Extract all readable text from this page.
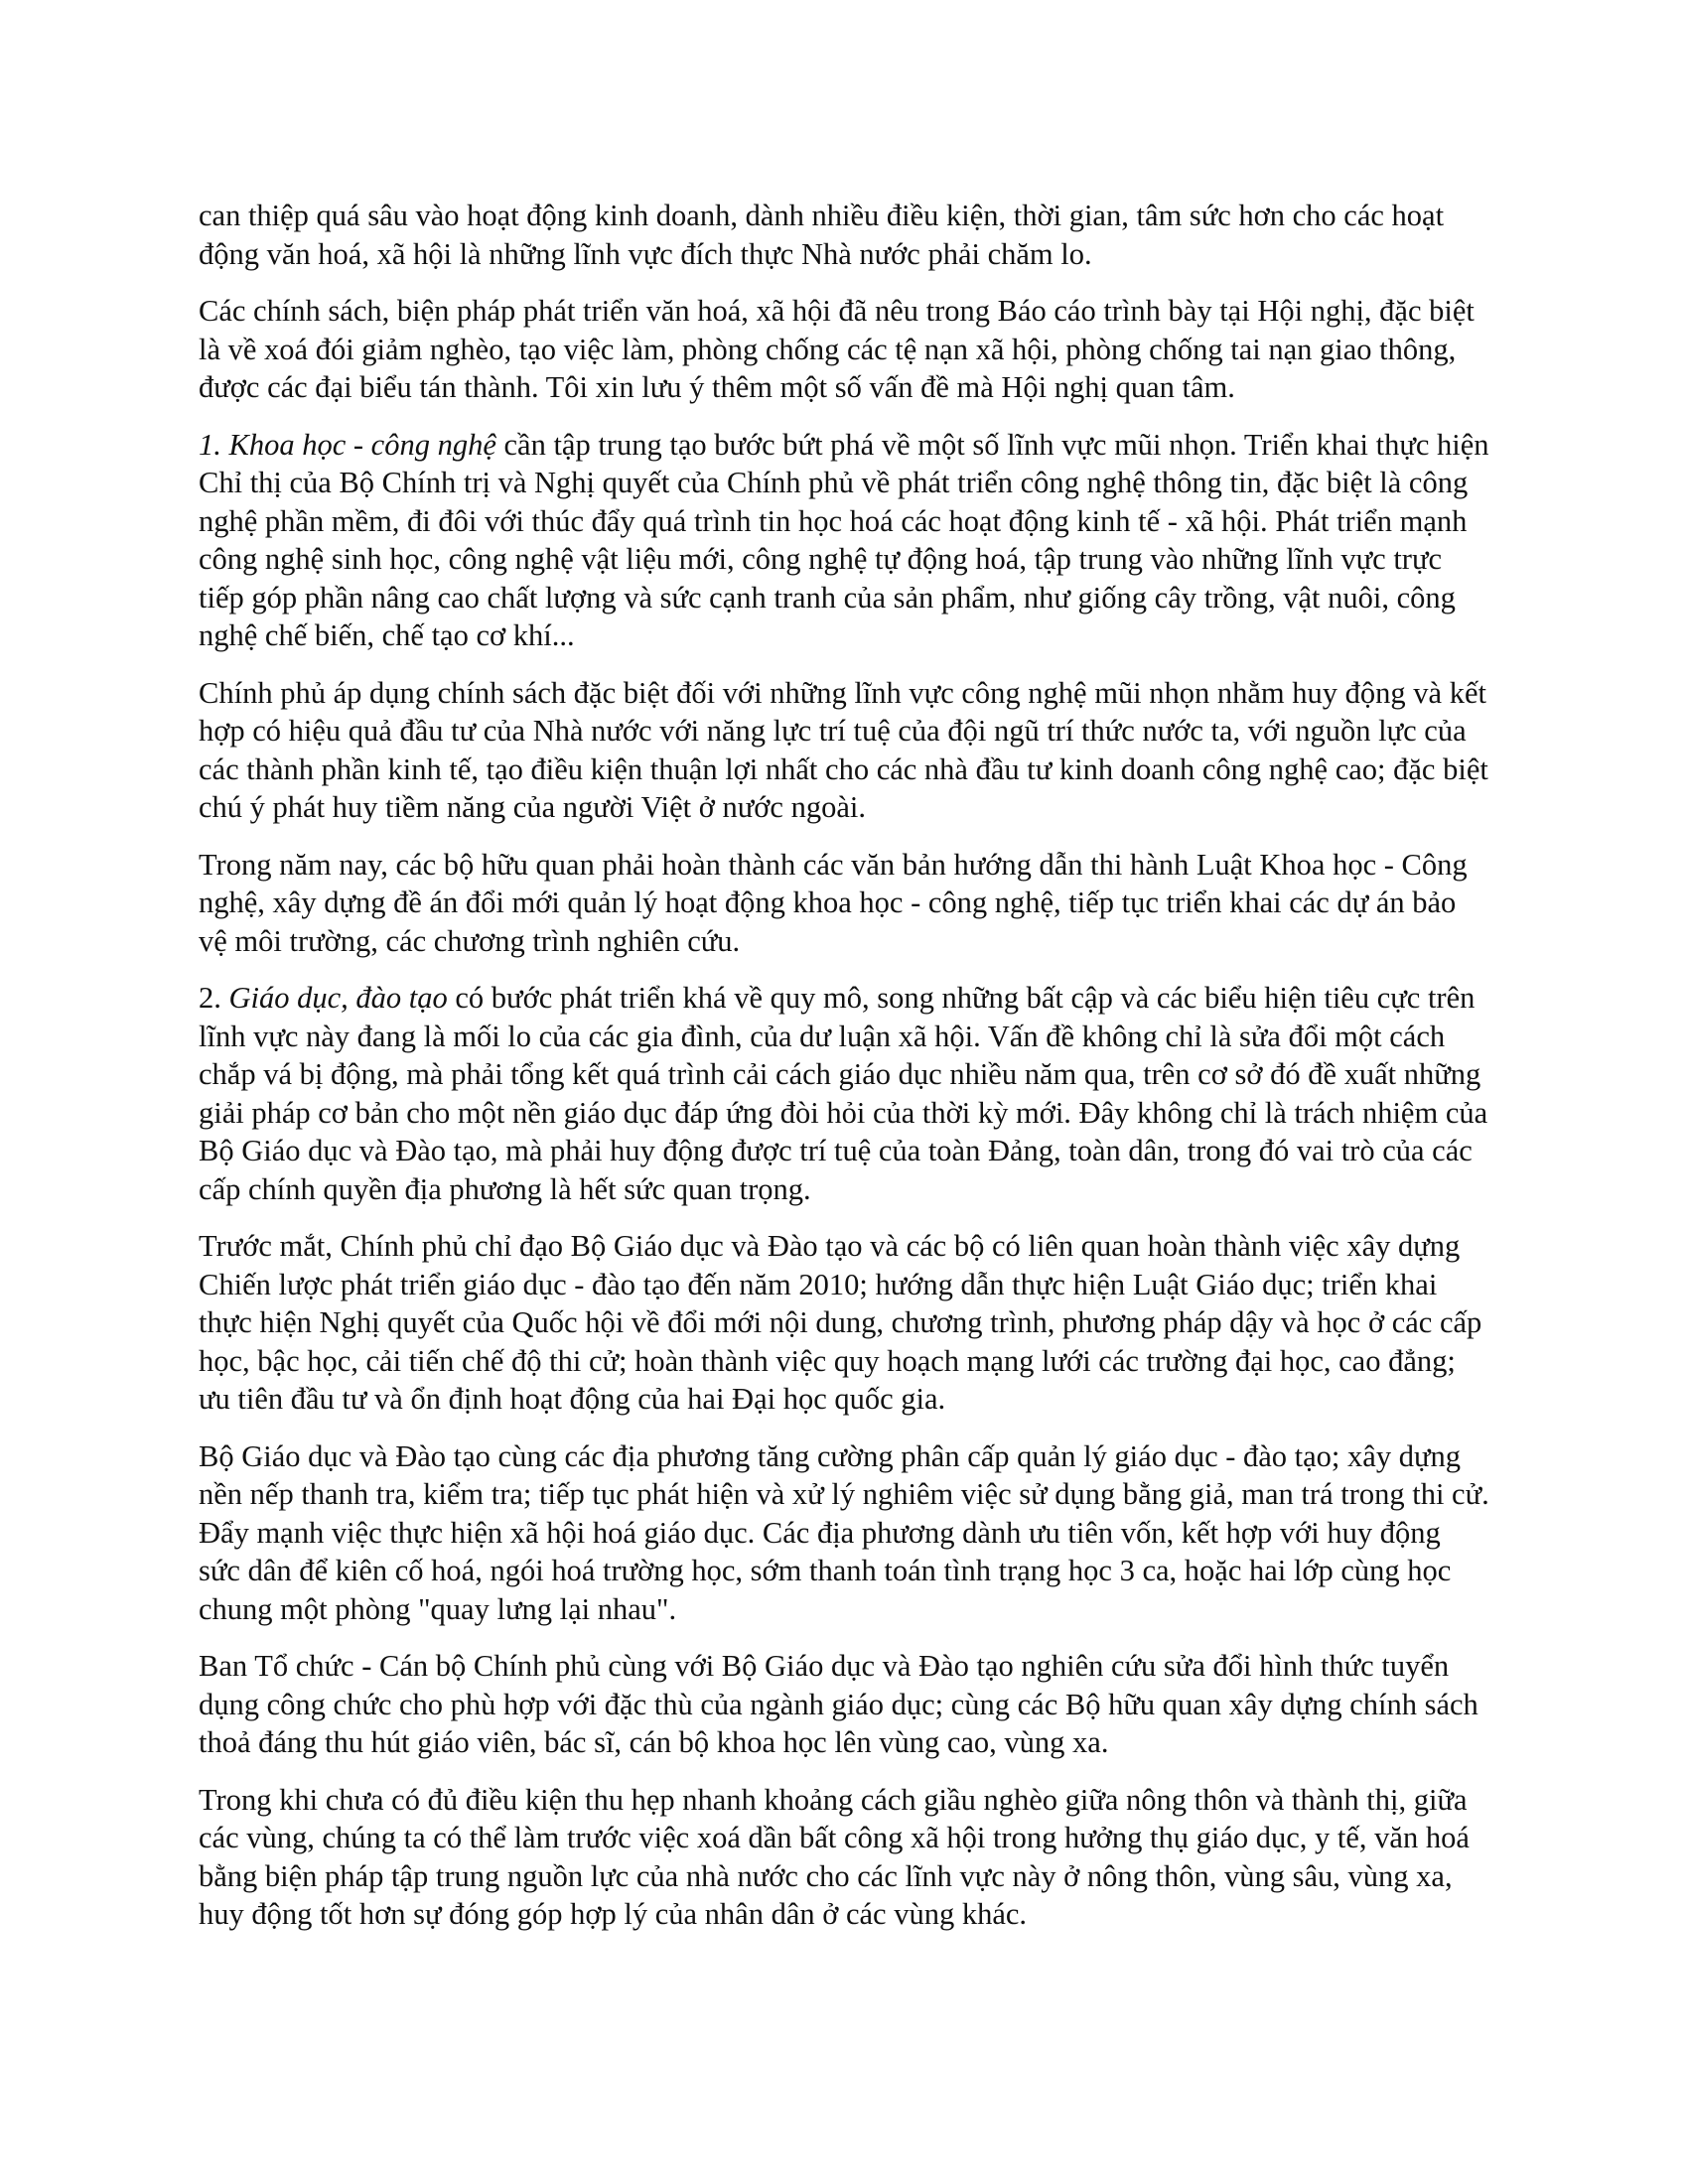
can thiệp quá sâu vào hoạt động kinh doanh, dành nhiều điều kiện, thời gian, tâm sức hơn cho các hoạt động văn hoá, xã hội là những lĩnh vực đích thực Nhà nước phải chăm lo.

Các chính sách, biện pháp phát triển văn hoá, xã hội đã nêu trong Báo cáo trình bày tại Hội nghị, đặc biệt là về xoá đói giảm nghèo, tạo việc làm, phòng chống các tệ nạn xã hội, phòng chống tai nạn giao thông, được các đại biểu tán thành. Tôi xin lưu ý thêm một số vấn đề mà Hội nghị quan tâm.

1. Khoa học - công nghệ cần tập trung tạo bước bứt phá về một số lĩnh vực mũi nhọn. Triển khai thực hiện Chỉ thị của Bộ Chính trị và Nghị quyết của Chính phủ về phát triển công nghệ thông tin, đặc biệt là công nghệ phần mềm, đi đôi với thúc đẩy quá trình tin học hoá các hoạt động kinh tế - xã hội. Phát triển mạnh công nghệ sinh học, công nghệ vật liệu mới, công nghệ tự động hoá, tập trung vào những lĩnh vực trực tiếp góp phần nâng cao chất lượng và sức cạnh tranh của sản phẩm, như giống cây trồng, vật nuôi, công nghệ chế biến, chế tạo cơ khí...

Chính phủ áp dụng chính sách đặc biệt đối với những lĩnh vực công nghệ mũi nhọn nhằm huy động và kết hợp có hiệu quả đầu tư của Nhà nước với năng lực trí tuệ của đội ngũ trí thức nước ta, với nguồn lực của các thành phần kinh tế, tạo điều kiện thuận lợi nhất cho các nhà đầu tư kinh doanh công nghệ cao; đặc biệt chú ý phát huy tiềm năng của người Việt ở nước ngoài.

Trong năm nay, các bộ hữu quan phải hoàn thành các văn bản hướng dẫn thi hành Luật Khoa học - Công nghệ, xây dựng đề án đổi mới quản lý hoạt động khoa học - công nghệ, tiếp tục triển khai các dự án bảo vệ môi trường, các chương trình nghiên cứu.

2. Giáo dục, đào tạo có bước phát triển khá về quy mô, song những bất cập và các biểu hiện tiêu cực trên lĩnh vực này đang là mối lo của các gia đình, của dư luận xã hội. Vấn đề không chỉ là sửa đổi một cách chắp vá bị động, mà phải tổng kết quá trình cải cách giáo dục nhiều năm qua, trên cơ sở đó đề xuất những giải pháp cơ bản cho một nền giáo dục đáp ứng đòi hỏi của thời kỳ mới. Đây không chỉ là trách nhiệm của Bộ Giáo dục và Đào tạo, mà phải huy động được trí tuệ của toàn Đảng, toàn dân, trong đó vai trò của các cấp chính quyền địa phương là hết sức quan trọng.

Trước mắt, Chính phủ chỉ đạo Bộ Giáo dục và Đào tạo và các bộ có liên quan hoàn thành việc xây dựng Chiến lược phát triển giáo dục - đào tạo đến năm 2010; hướng dẫn thực hiện Luật Giáo dục; triển khai thực hiện Nghị quyết của Quốc hội về đổi mới nội dung, chương trình, phương pháp dậy và học ở các cấp học, bậc học, cải tiến chế độ thi cử; hoàn thành việc quy hoạch mạng lưới các trường đại học, cao đẳng; ưu tiên đầu tư và ổn định hoạt động của hai Đại học quốc gia.

Bộ Giáo dục và Đào tạo cùng các địa phương tăng cường phân cấp quản lý giáo dục - đào tạo; xây dựng nền nếp thanh tra, kiểm tra; tiếp tục phát hiện và xử lý nghiêm việc sử dụng bằng giả, man trá trong thi cử. Đẩy mạnh việc thực hiện xã hội hoá giáo dục. Các địa phương dành ưu tiên vốn, kết hợp với huy động sức dân để kiên cố hoá, ngói hoá trường học, sớm thanh toán tình trạng học 3 ca, hoặc hai lớp cùng học chung một phòng "quay lưng lại nhau".

Ban Tổ chức - Cán bộ Chính phủ cùng với Bộ Giáo dục và Đào tạo nghiên cứu sửa đổi hình thức tuyển dụng công chức cho phù hợp với đặc thù của ngành giáo dục; cùng các Bộ hữu quan xây dựng chính sách thoả đáng thu hút giáo viên, bác sĩ, cán bộ khoa học lên vùng cao, vùng xa.

Trong khi chưa có đủ điều kiện thu hẹp nhanh khoảng cách giầu nghèo giữa nông thôn và thành thị, giữa các vùng, chúng ta có thể làm trước việc xoá dần bất công xã hội trong hưởng thụ giáo dục, y tế, văn hoá bằng biện pháp tập trung nguồn lực của nhà nước cho các lĩnh vực này ở nông thôn, vùng sâu, vùng xa, huy động tốt hơn sự đóng góp hợp lý của nhân dân ở các vùng khác.
